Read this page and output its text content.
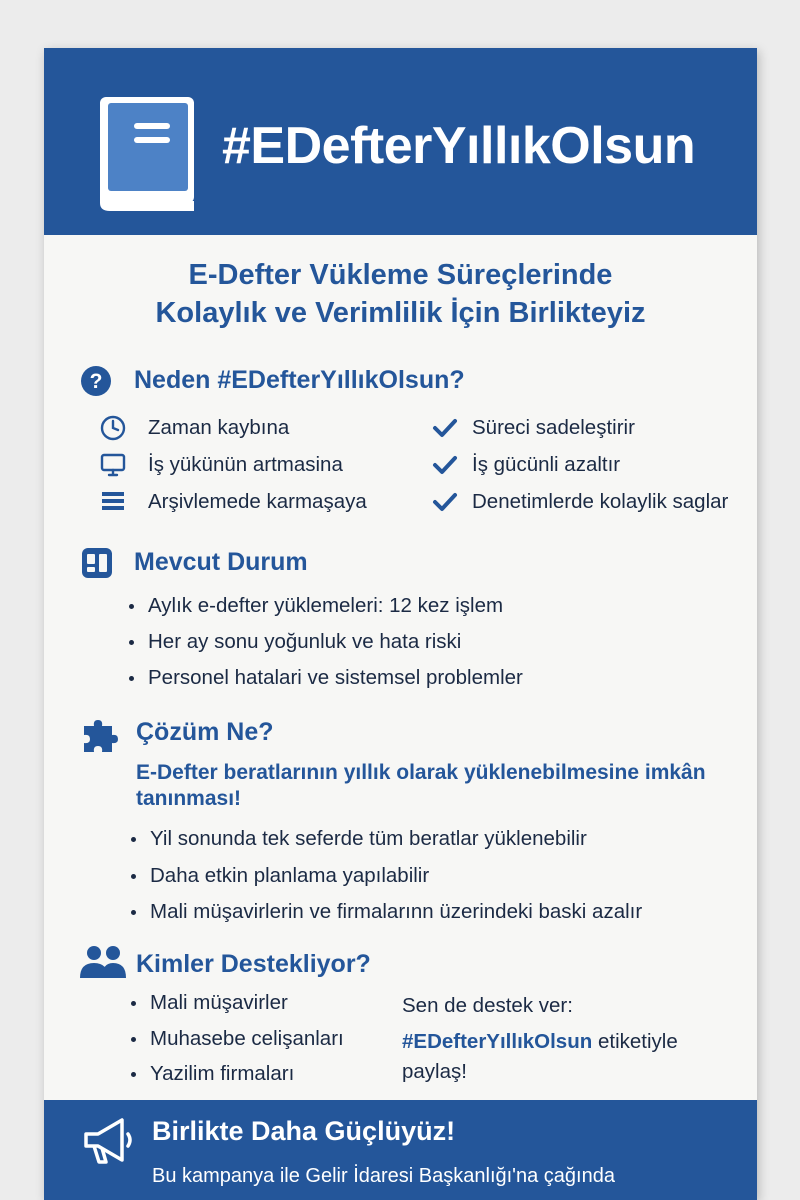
#EDefterYıllıkOlsun
E-Defter Vükleme Süreçlerinde
Kolaylık ve Verimlilik İçin Birlikteyiz
? Neden #EDefterYıllıkOlsun?
Zaman kaybına
İş yükünün artmasina
Arşivlemede karmaşaya
Süreci sadeleştirir
İş gücünli azaltır
Denetimlerde kolaylik saglar
Mevcut Durum
Aylık e-defter yüklemeleri: 12 kez işlem
Her ay sonu yoğunluk ve hata riski
Personel hatalari ve sistemsel problemler
Çözüm Ne?
E-Defter beratlarının yıllık olarak yüklenebilmesine imkân tanınması!
Yil sonunda tek seferde tüm beratlar yüklenebilir
Daha etkin planlama yapılabilir
Mali müşavirlerin ve firmalarınn üzerindeki baski azalır
Kimler Destekliyor?
Mali müşavirler
Muhasebe celişanları
Yazilim firmaları
Sen de destek ver:
#EDefterYıllıkOlsun etiketiyle
paylaş!
Birlikte Daha Güçlüyüz!
Bu kampanya ile Gelir İdaresi Başkanlığı'na çağında
